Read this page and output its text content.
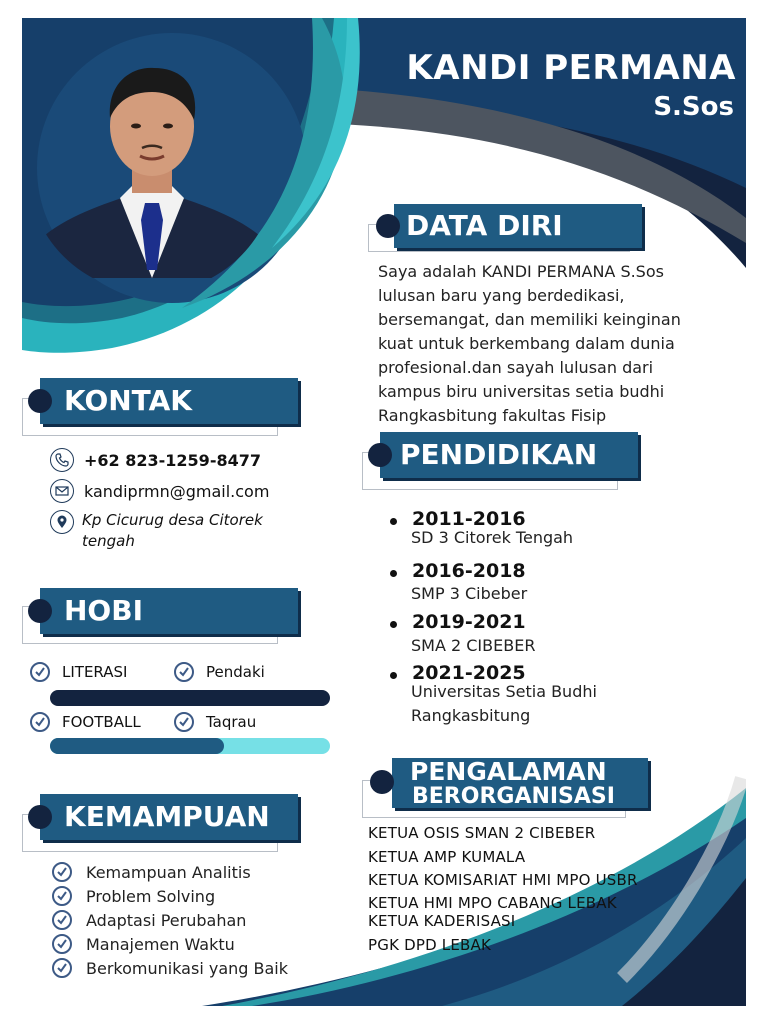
KANDI PERMANA
S.Sos
DATA DIRI
Saya adalah KANDI PERMANA S.Sos
lulusan baru yang berdedikasi,
bersemangat, dan memiliki keinginan
kuat untuk berkembang dalam dunia
profesional.dan sayah lulusan dari
kampus biru universitas setia budhi
Rangkasbitung fakultas Fisip
KONTAK
+62 823-1259-8477
kandiprmn@gmail.com
Kp Cicurug desa Citorek
tengah
HOBI
LITERASI	Pendaki
FOOTBALL	Taqrau
KEMAMPUAN
Kemampuan Analitis
Problem Solving
Adaptasi Perubahan
Manajemen Waktu
Berkomunikasi yang Baik
PENDIDIKAN
2011-2016
SD 3 Citorek Tengah
2016-2018
SMP 3 Cibeber
2019-2021
SMA 2 CIBEBER
2021-2025
Universitas Setia Budhi
Rangkasbitung
PENGALAMAN
BERORGANISASI
KETUA OSIS SMAN 2 CIBEBER
KETUA AMP KUMALA
KETUA KOMISARIAT HMI MPO USBR
KETUA HMI MPO CABANG LEBAK
KETUA KADERISASI
PGK DPD LEBAK
